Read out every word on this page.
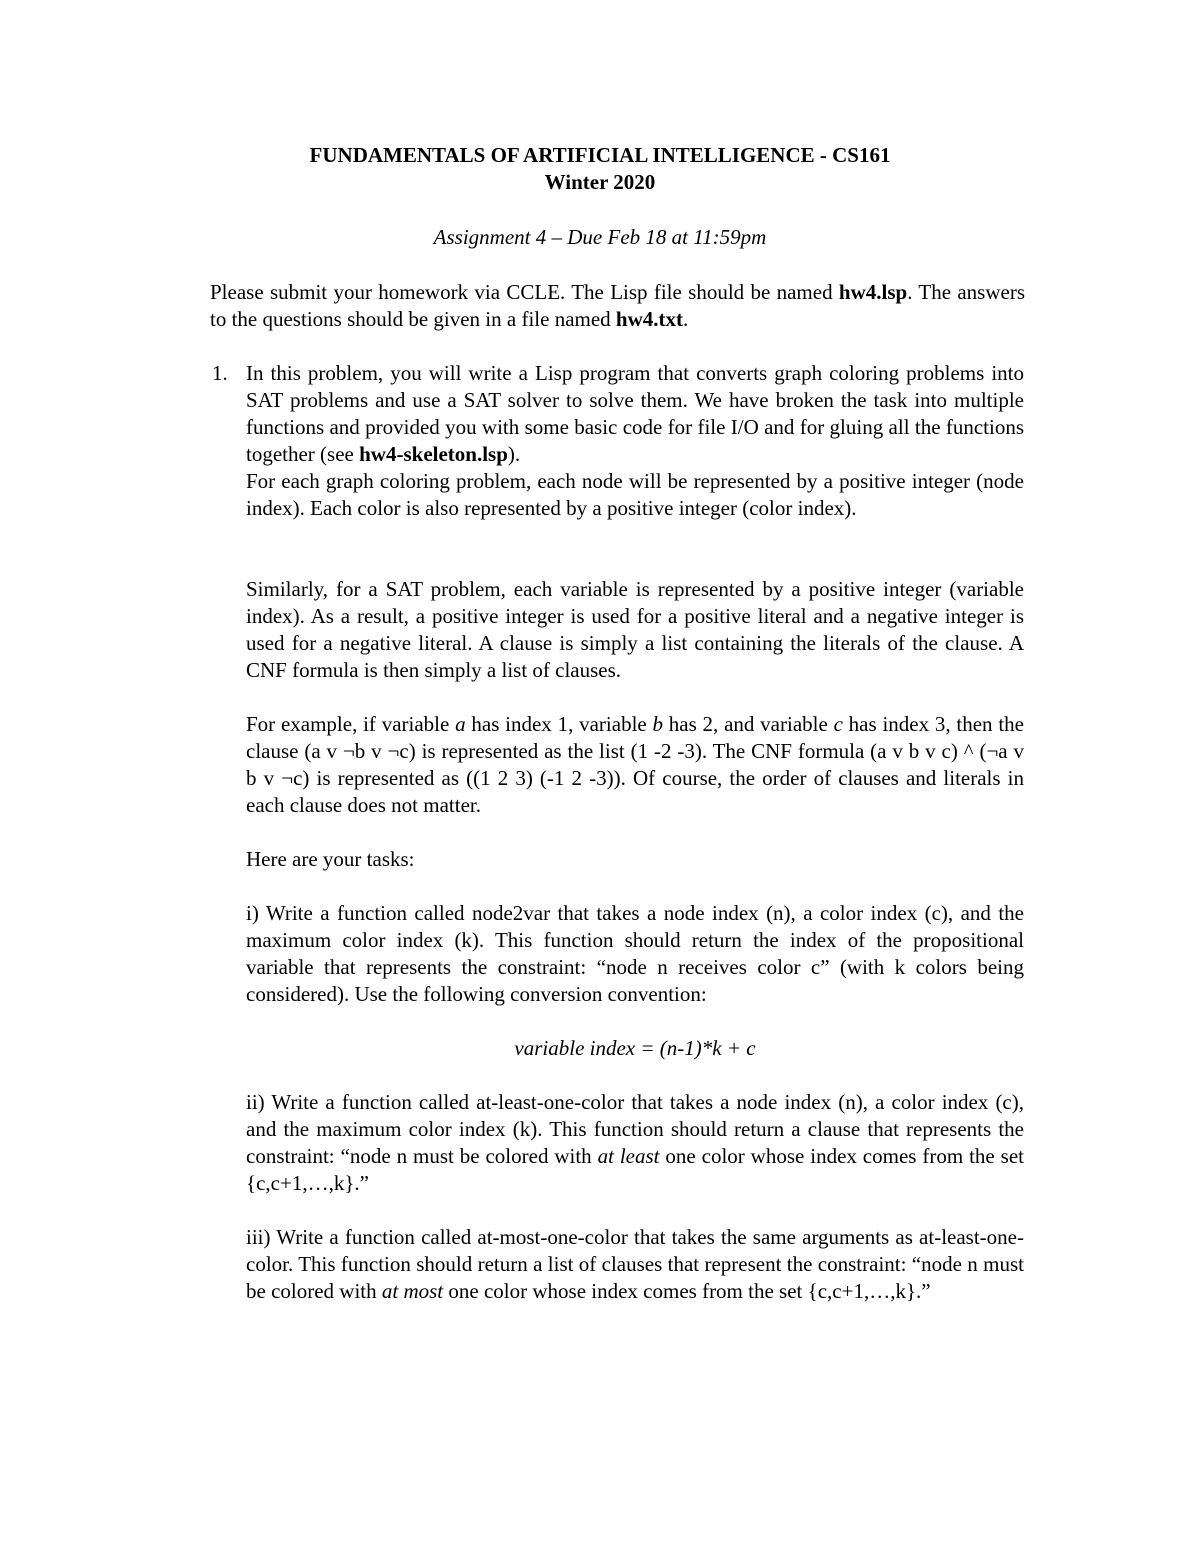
FUNDAMENTALS OF ARTIFICIAL INTELLIGENCE - CS161
Winter 2020
Assignment 4 – Due Feb 18 at 11:59pm
Please submit your homework via CCLE. The Lisp file should be named hw4.lsp. The answers to the questions should be given in a file named hw4.txt.
1. In this problem, you will write a Lisp program that converts graph coloring problems into SAT problems and use a SAT solver to solve them. We have broken the task into multiple functions and provided you with some basic code for file I/O and for gluing all the functions together (see hw4-skeleton.lsp).
For each graph coloring problem, each node will be represented by a positive integer (node index). Each color is also represented by a positive integer (color index).
Similarly, for a SAT problem, each variable is represented by a positive integer (variable index). As a result, a positive integer is used for a positive literal and a negative integer is used for a negative literal. A clause is simply a list containing the literals of the clause. A CNF formula is then simply a list of clauses.
For example, if variable a has index 1, variable b has 2, and variable c has index 3, then the clause (a v ¬b v ¬c) is represented as the list (1 -2 -3). The CNF formula (a v b v c) ^ (¬a v b v ¬c) is represented as ((1 2 3) (-1 2 -3)). Of course, the order of clauses and literals in each clause does not matter.
Here are your tasks:
i) Write a function called node2var that takes a node index (n), a color index (c), and the maximum color index (k). This function should return the index of the propositional variable that represents the constraint: “node n receives color c” (with k colors being considered). Use the following conversion convention:
variable index = (n-1)*k + c
ii) Write a function called at-least-one-color that takes a node index (n), a color index (c), and the maximum color index (k). This function should return a clause that represents the constraint: “node n must be colored with at least one color whose index comes from the set {c,c+1,…,k}.”
iii) Write a function called at-most-one-color that takes the same arguments as at-least-one-color. This function should return a list of clauses that represent the constraint: “node n must be colored with at most one color whose index comes from the set {c,c+1,…,k}.”
